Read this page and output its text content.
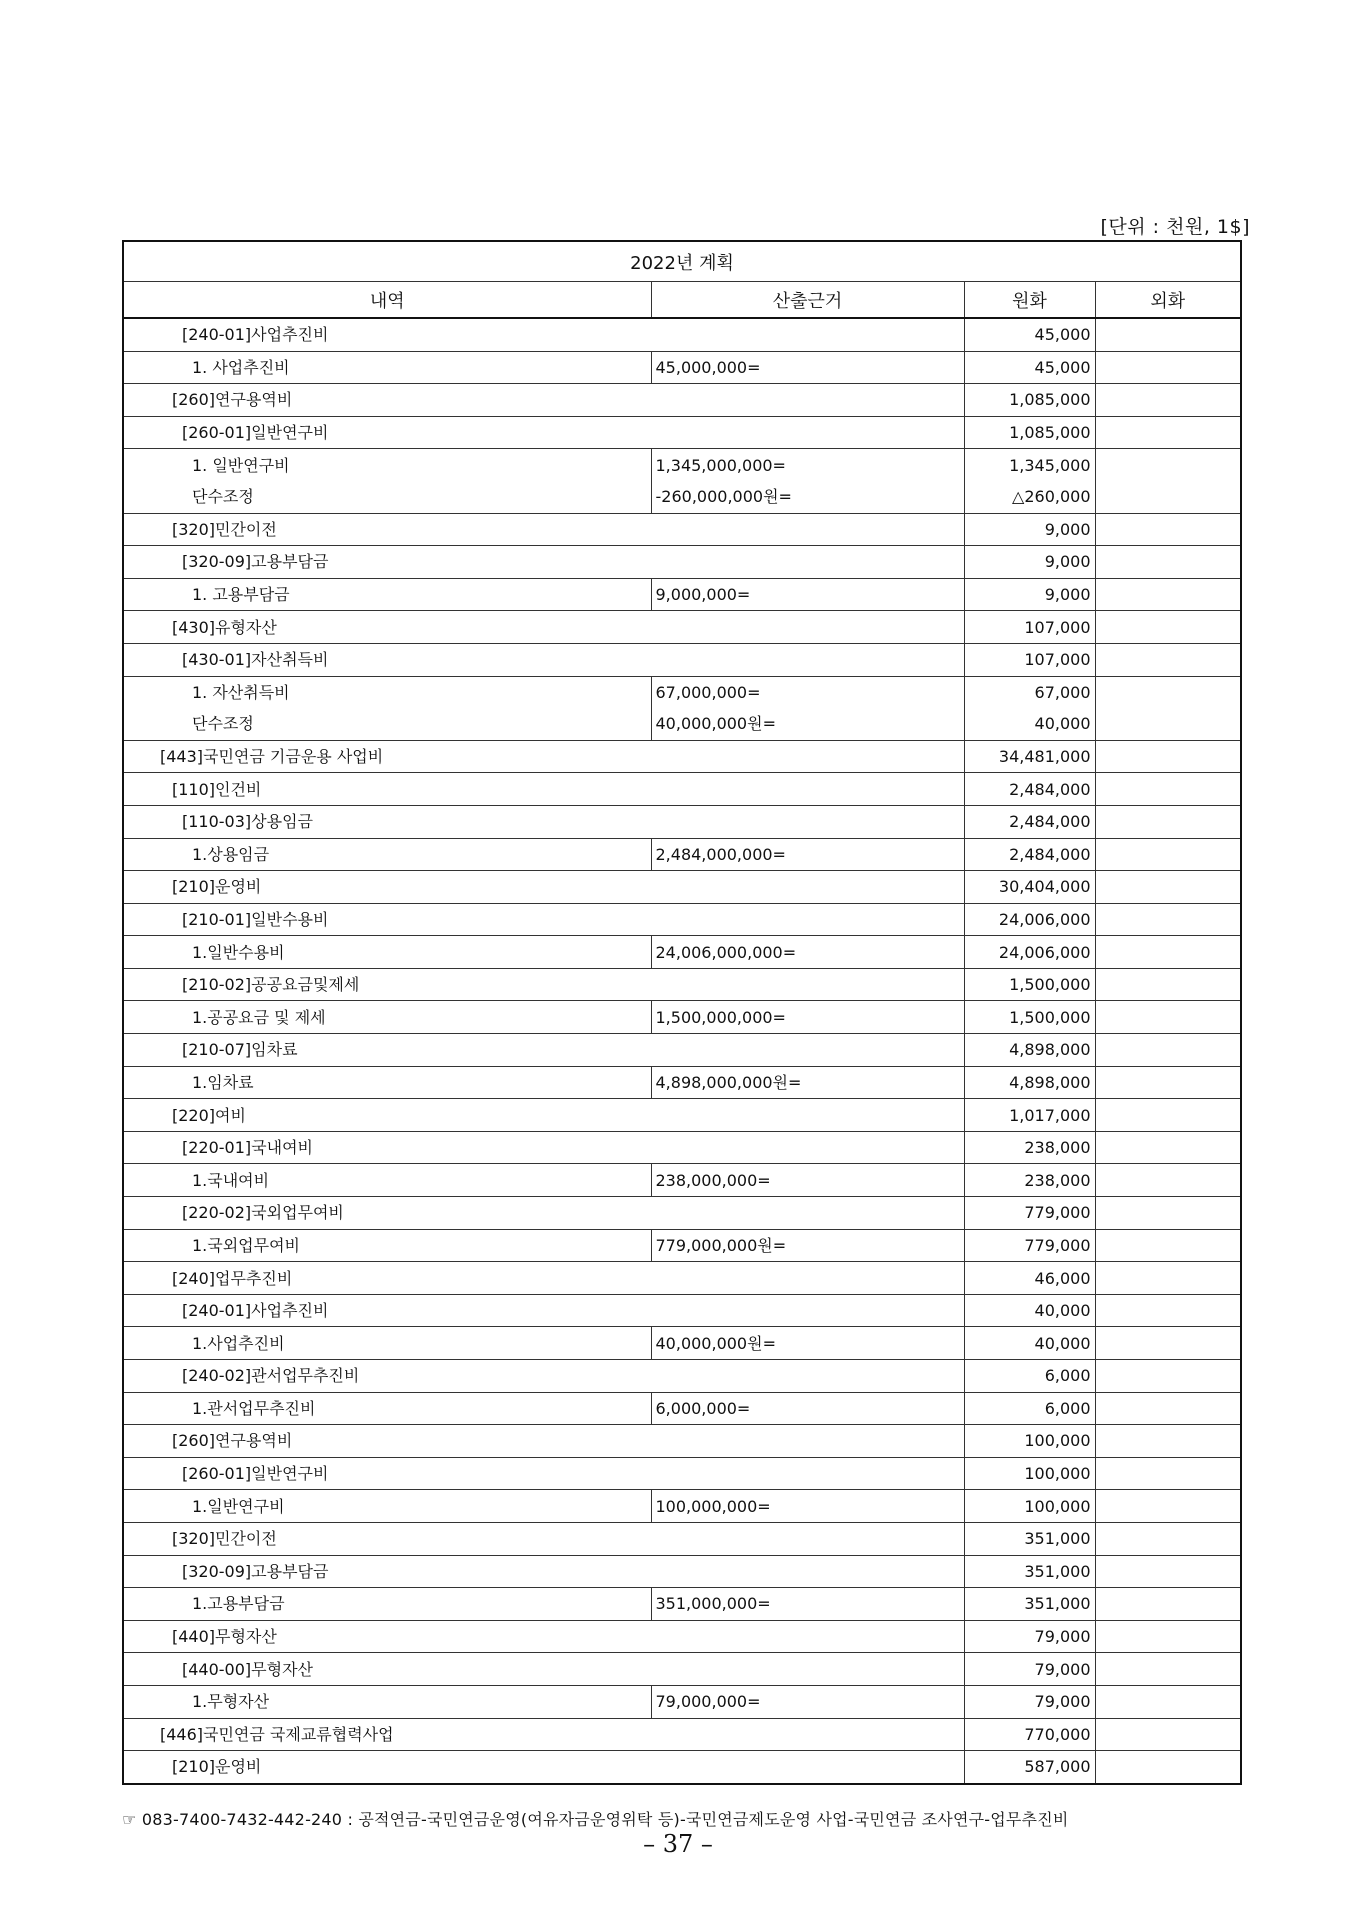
[단위 : 천원, 1$]
2022년 계획			
내역	산출근거	원화	외화
[240-01]사업추진비		45,000	
1. 사업추진비	45,000,000=	45,000	
[260]연구용역비		1,085,000	
[260-01]일반연구비		1,085,000	
1. 일반연구비	1,345,000,000=	1,345,000	
단수조정	-260,000,000원=	△260,000	
[320]민간이전		9,000	
[320-09]고용부담금		9,000	
1. 고용부담금	9,000,000=	9,000	
[430]유형자산		107,000	
[430-01]자산취득비		107,000	
1. 자산취득비	67,000,000=	67,000	
단수조정	40,000,000원=	40,000	
[443]국민연금 기금운용 사업비		34,481,000	
[110]인건비		2,484,000	
[110-03]상용임금		2,484,000	
1.상용임금	2,484,000,000=	2,484,000	
[210]운영비		30,404,000	
[210-01]일반수용비		24,006,000	
1.일반수용비	24,006,000,000=	24,006,000	
[210-02]공공요금및제세		1,500,000	
1.공공요금 및 제세	1,500,000,000=	1,500,000	
[210-07]임차료		4,898,000	
1.임차료	4,898,000,000원=	4,898,000	
[220]여비		1,017,000	
[220-01]국내여비		238,000	
1.국내여비	238,000,000=	238,000	
[220-02]국외업무여비		779,000	
1.국외업무여비	779,000,000원=	779,000	
[240]업무추진비		46,000	
[240-01]사업추진비		40,000	
1.사업추진비	40,000,000원=	40,000	
[240-02]관서업무추진비		6,000	
1.관서업무추진비	6,000,000=	6,000	
[260]연구용역비		100,000	
[260-01]일반연구비		100,000	
1.일반연구비	100,000,000=	100,000	
[320]민간이전		351,000	
[320-09]고용부담금		351,000	
1.고용부담금	351,000,000=	351,000	
[440]무형자산		79,000	
[440-00]무형자산		79,000	
1.무형자산	79,000,000=	79,000	
[446]국민연금 국제교류협력사업		770,000	
[210]운영비		587,000	
☞ 083-7400-7432-442-240 : 공적연금-국민연금운영(여유자금운영위탁 등)-국민연금제도운영 사업-국민연금 조사연구-업무추진비
– 37 –
